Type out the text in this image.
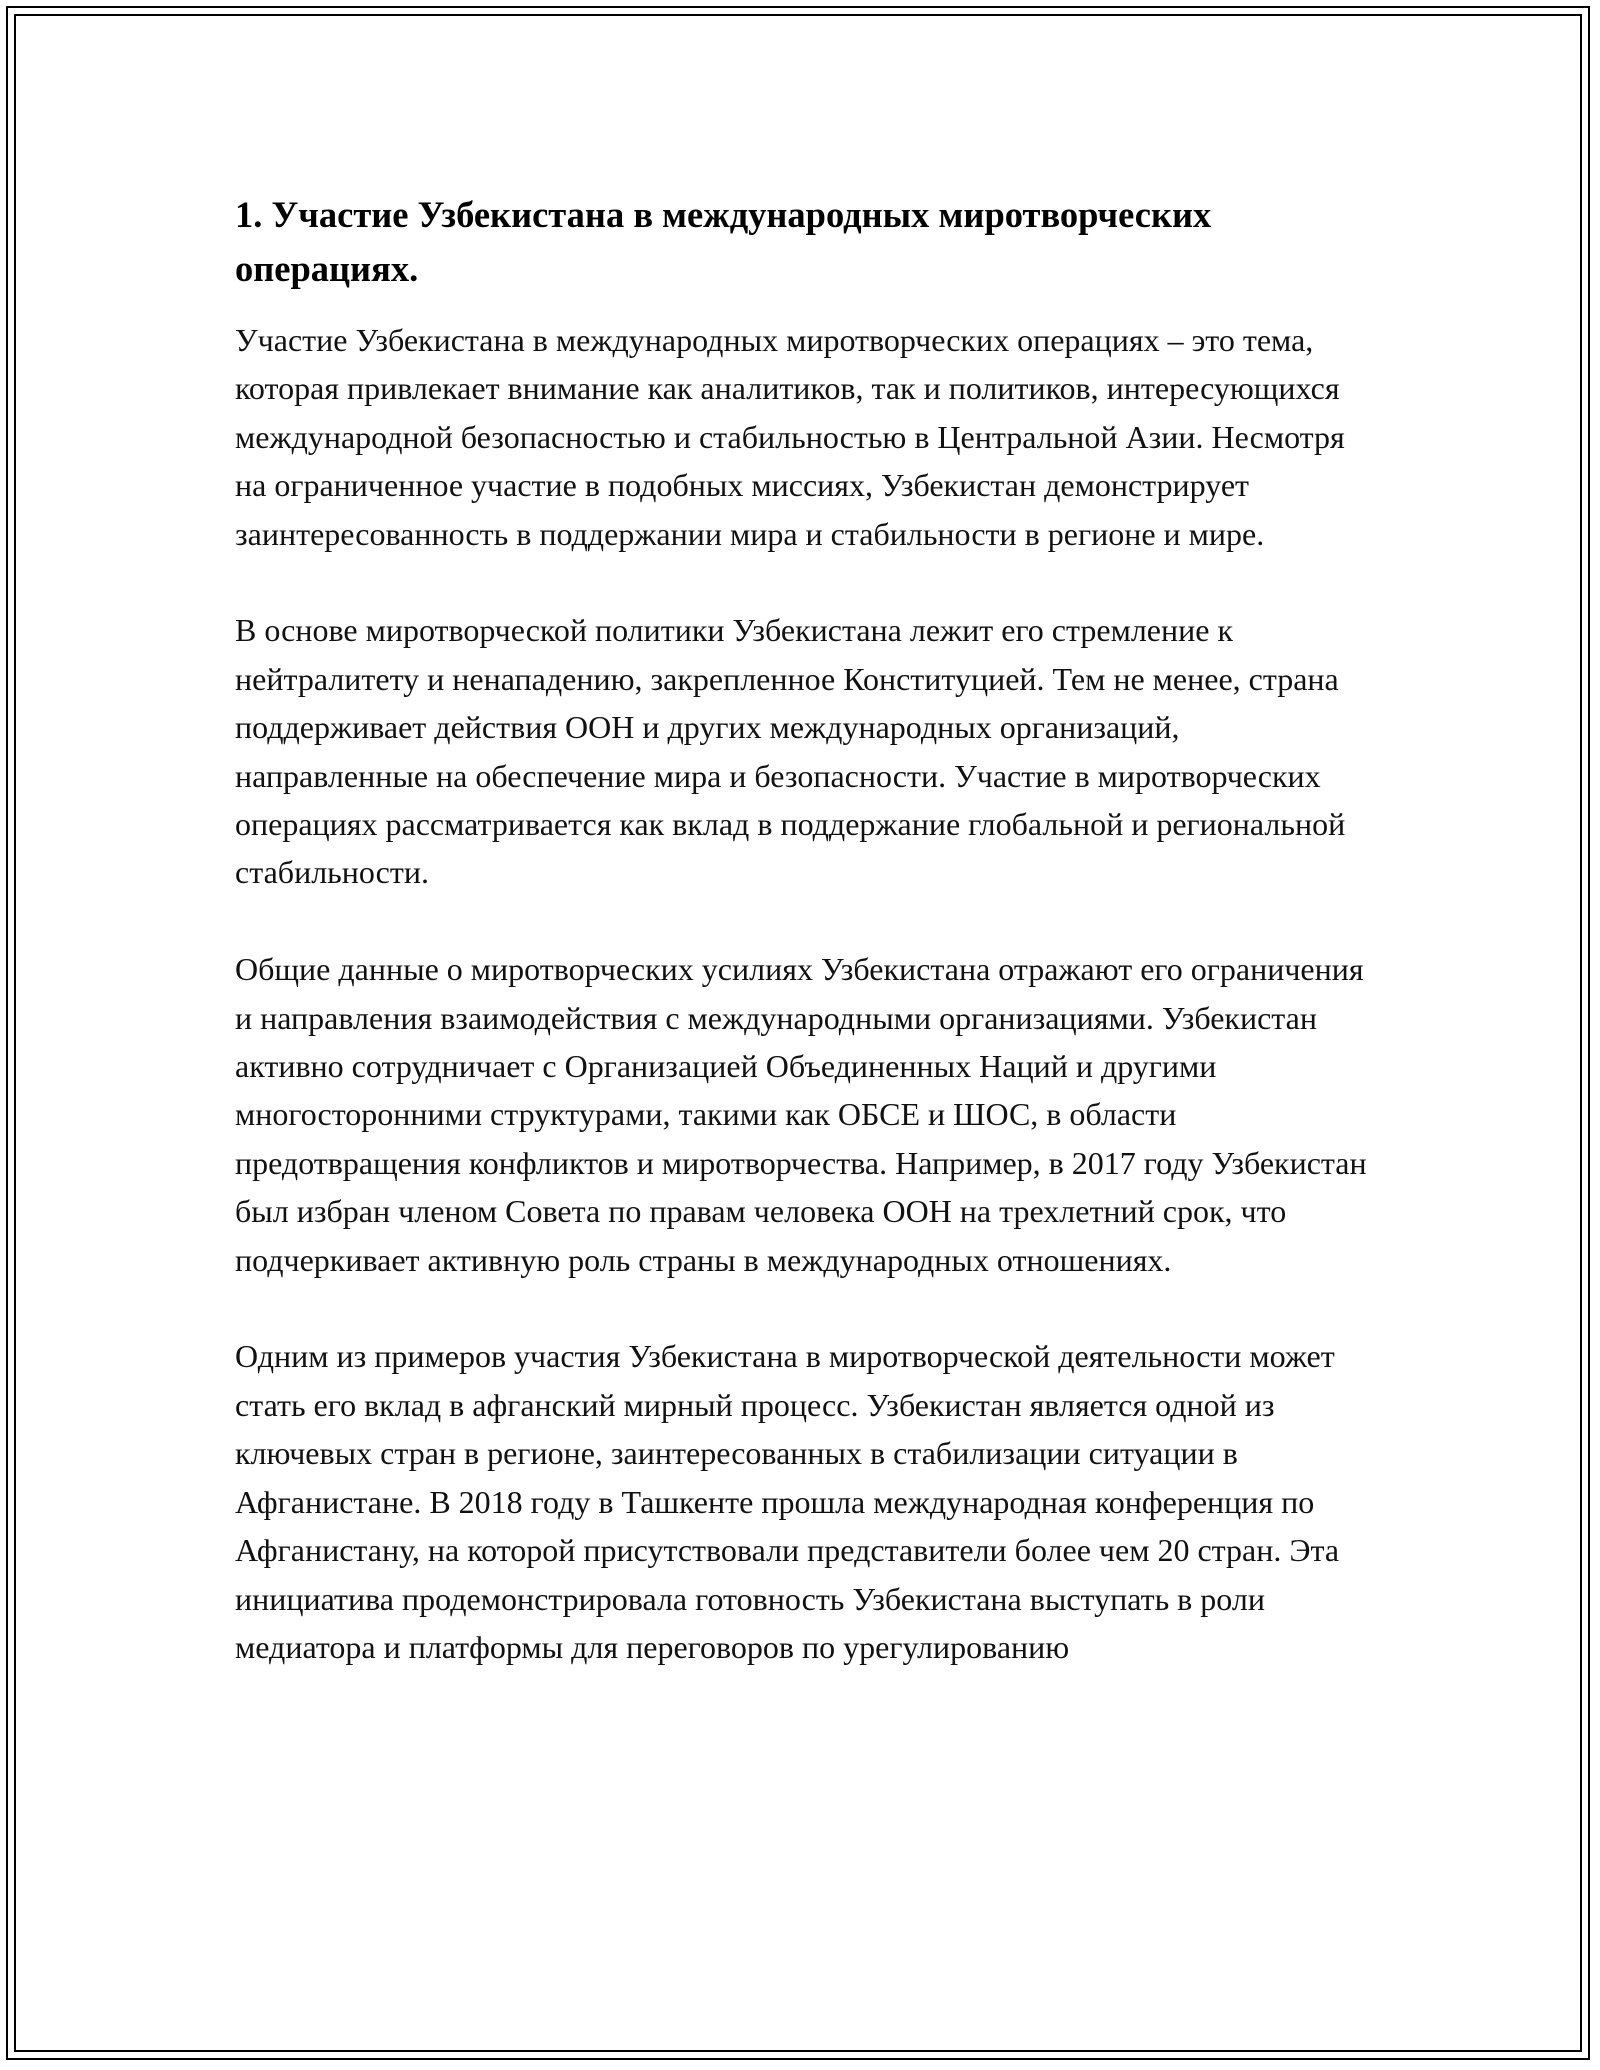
1. Участие Узбекистана в международных миротворческих операциях.

Участие Узбекистана в международных миротворческих операциях – это тема, которая привлекает внимание как аналитиков, так и политиков, интересующихся международной безопасностью и стабильностью в Центральной Азии. Несмотря на ограниченное участие в подобных миссиях, Узбекистан демонстрирует заинтересованность в поддержании мира и стабильности в регионе и мире.

В основе миротворческой политики Узбекистана лежит его стремление к нейтралитету и ненападению, закрепленное Конституцией. Тем не менее, страна поддерживает действия ООН и других международных организаций, направленные на обеспечение мира и безопасности. Участие в миротворческих операциях рассматривается как вклад в поддержание глобальной и региональной стабильности.

Общие данные о миротворческих усилиях Узбекистана отражают его ограничения и направления взаимодействия с международными организациями. Узбекистан активно сотрудничает с Организацией Объединенных Наций и другими многосторонними структурами, такими как ОБСЕ и ШОС, в области предотвращения конфликтов и миротворчества. Например, в 2017 году Узбекистан был избран членом Совета по правам человека ООН на трехлетний срок, что подчеркивает активную роль страны в международных отношениях.

Одним из примеров участия Узбекистана в миротворческой деятельности может стать его вклад в афганский мирный процесс. Узбекистан является одной из ключевых стран в регионе, заинтересованных в стабилизации ситуации в Афганистане. В 2018 году в Ташкенте прошла международная конференция по Афганистану, на которой присутствовали представители более чем 20 стран. Эта инициатива продемонстрировала готовность Узбекистана выступать в роли медиатора и платформы для переговоров по урегулированию
